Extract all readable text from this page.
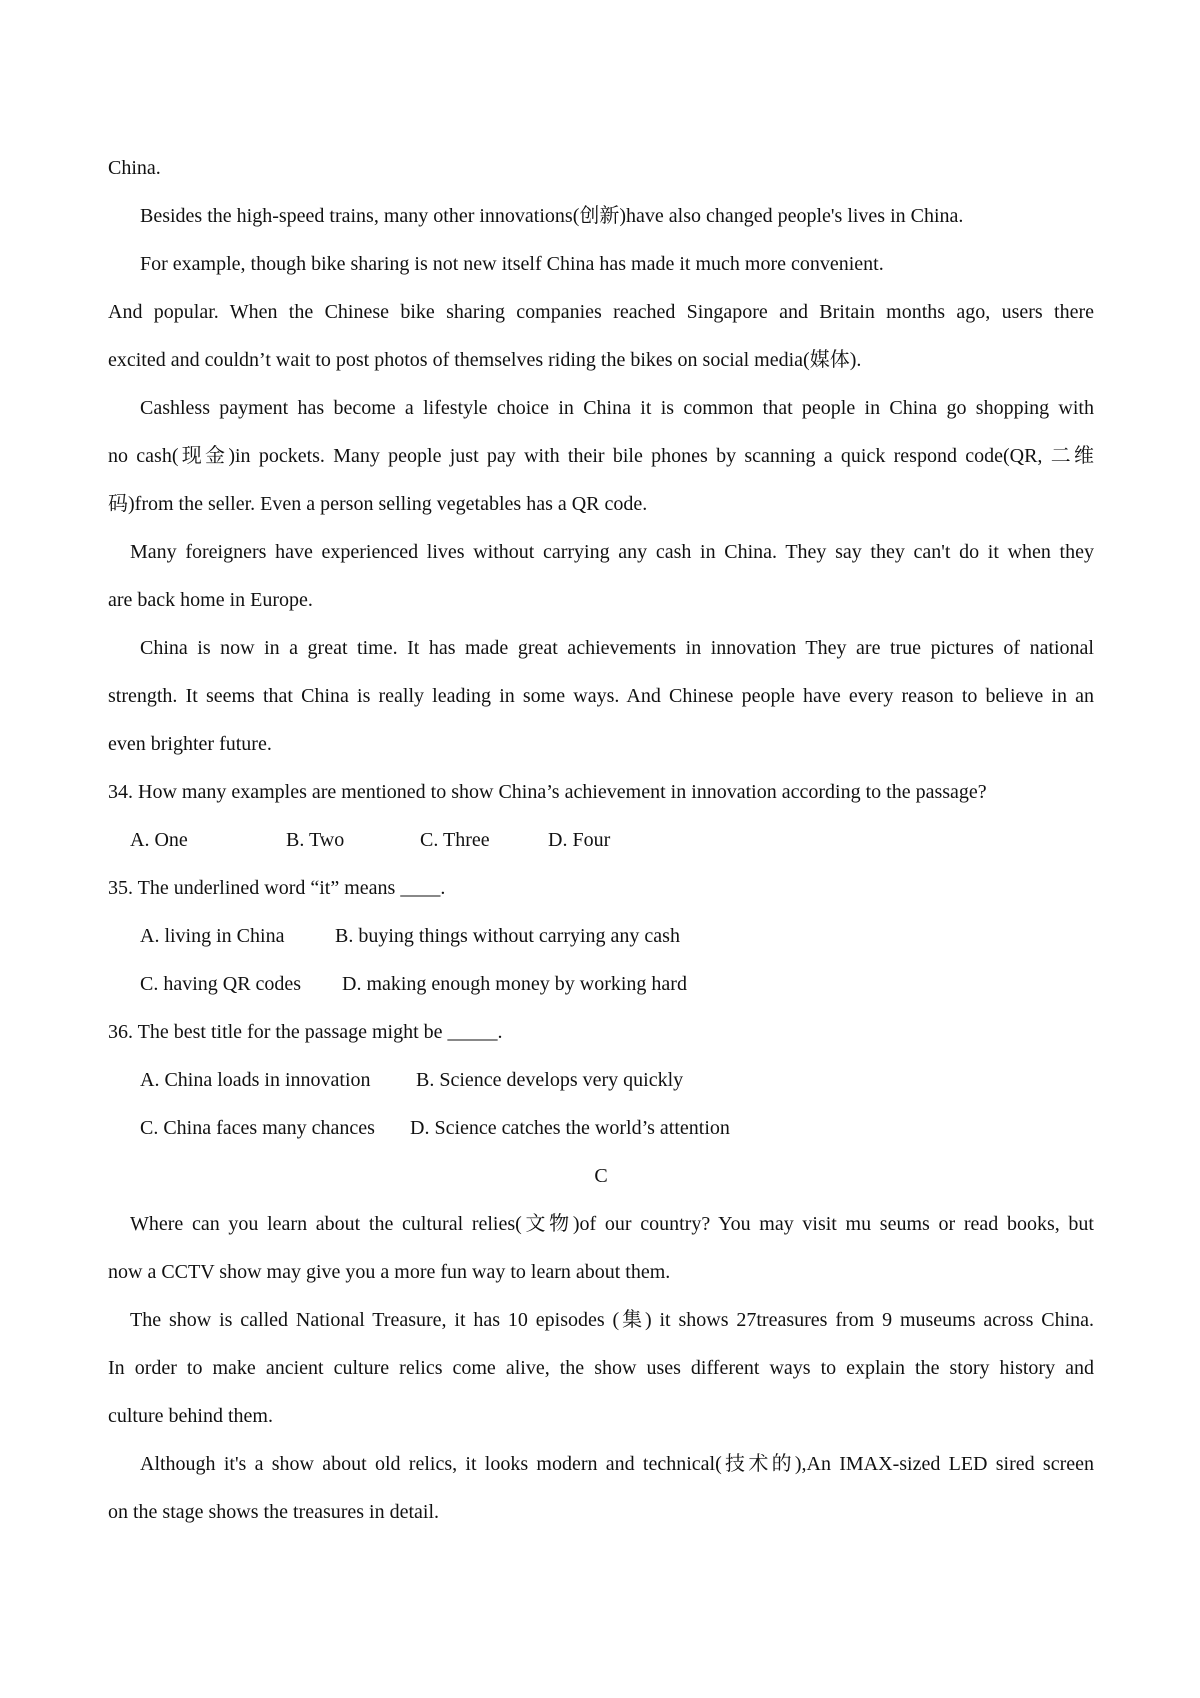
China.
Besides the high-speed trains, many other innovations(创新)have also changed people's lives in China.
For example, though bike sharing is not new itself China has made it much more convenient.
And popular. When the Chinese bike sharing companies reached Singapore and Britain months ago, users there
excited and couldn’t wait to post photos of themselves riding the bikes on social media(媒体).
Cashless payment has become a lifestyle choice in China it is common that people in China go shopping with
no cash(现金)in pockets. Many people just pay with their bile phones by scanning a quick respond code(QR, 二维
码)from the seller. Even a person selling vegetables has a QR code.
Many foreigners have experienced lives without carrying any cash in China. They say they can't do it when they
are back home in Europe.
China is now in a great time. It has made great achievements in innovation They are true pictures of national
strength. It seems that China is really leading in some ways. And Chinese people have every reason to believe in an
even brighter future.
34. How many examples are mentioned to show China’s achievement in innovation according to the passage?
A. One	B. Two	C. Three	D. Four
35. The underlined word “it” means ____.
A. living in China	B. buying things without carrying any cash
C. having QR codes D. making enough money by working hard
36. The best title for the passage might be _____.
A. China loads in innovation B. Science develops very quickly
C. China faces many chances D. Science catches the world’s attention
C
Where can you learn about the cultural relies(文物)of our country? You may visit mu seums or read books, but
now a CCTV show may give you a more fun way to learn about them.
The show is called National Treasure, it has 10 episodes (集) it shows 27treasures from 9 museums across China.
In order to make ancient culture relics come alive, the show uses different ways to explain the story history and
culture behind them.
Although it's a show about old relics, it looks modern and technical(技术的),An IMAX-sized LED sired screen
on the stage shows the treasures in detail.
